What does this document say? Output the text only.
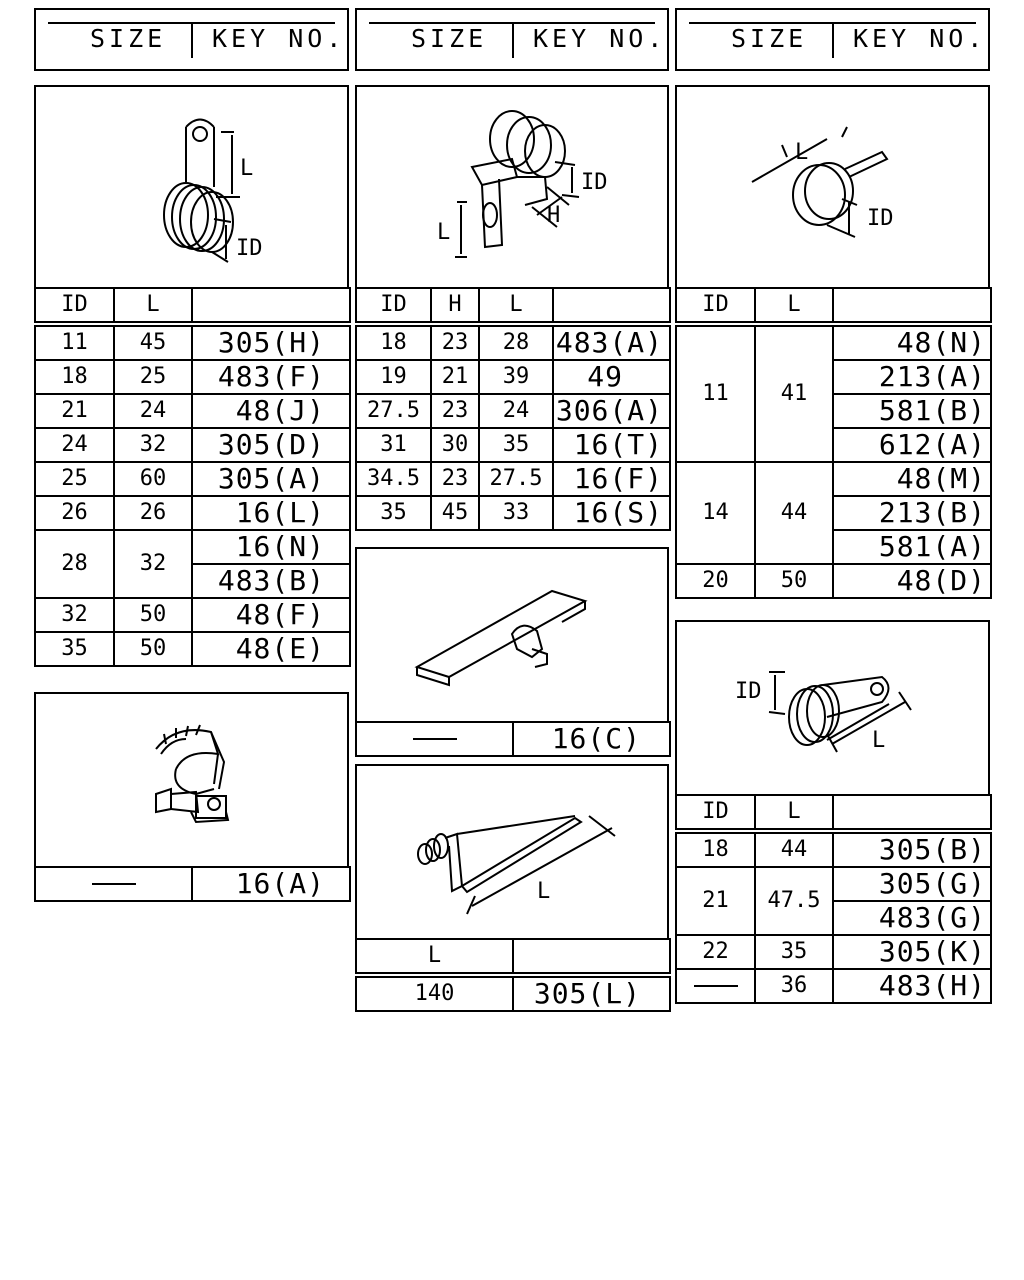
SIZE KEY NO.	SIZE KEY NO.	SIZE KEY NO.
L
ID
ID	L	
11	45	305(H)
18	25	483(F)
21	24	48(J)
24	32	305(D)
25	60	305(A)
26	26	16(L)
28	32	16(N)
		483(B)
32	50	48(F)
35	50	48(E)
	16(A)
ID
H
L
ID	H	L	
18	23	28	483(A)
19	21	39	49
27.5	23	24	306(A)
31	30	35	16(T)
34.5	23	27.5	16(F)
35	45	33	16(S)
	16(C)
L
L	
140	305(L)
L
ID
ID	L	
11	41	48(N)
		213(A)
		581(B)
		612(A)
14	44	48(M)
		213(B)
		581(A)
20	50	48(D)
ID
L
ID	L	
18	44	305(B)
21	47.5	305(G)
		483(G)
22	35	305(K)
	36	483(H)
